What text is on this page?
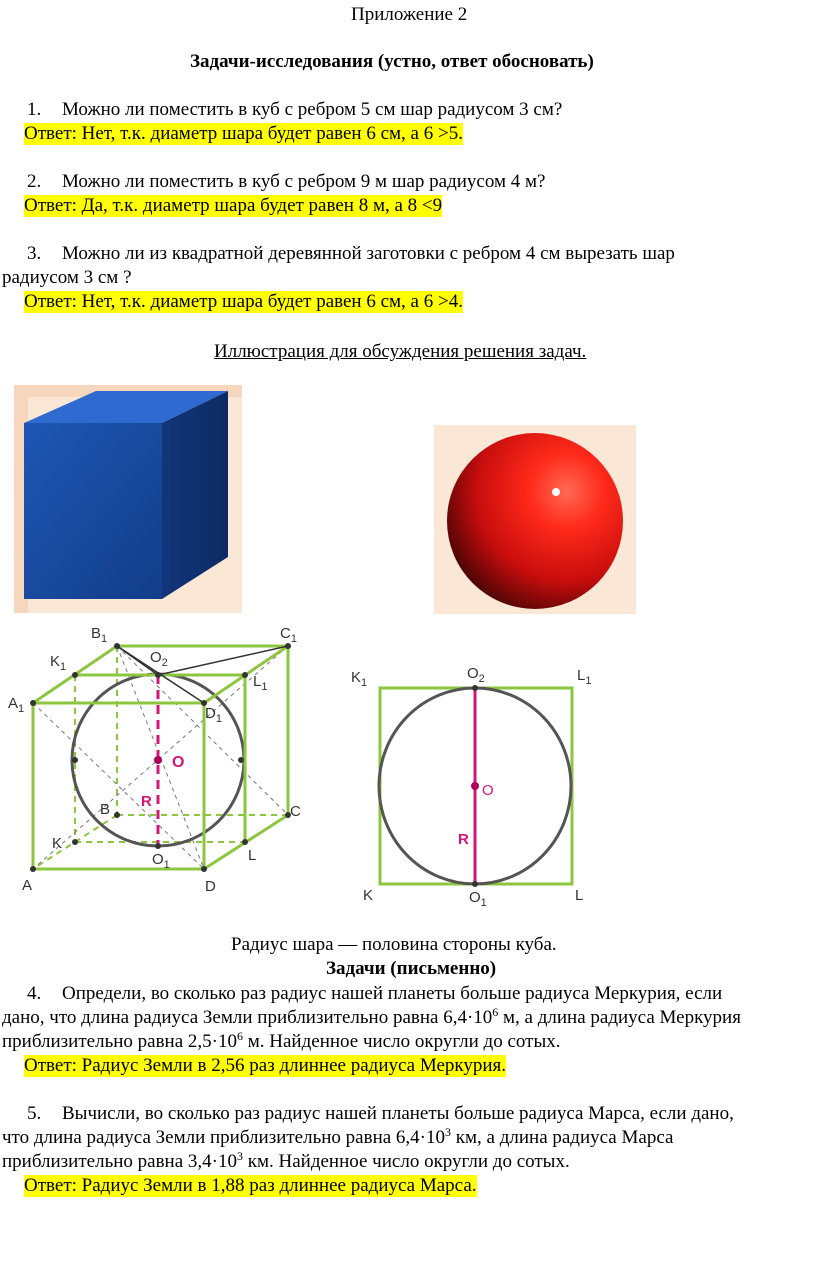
Приложение 2
Задачи-исследования (устно, ответ обосновать)
1. Можно ли поместить в куб с ребром 5 см шар радиусом 3 см?
Ответ: Нет, т.к. диаметр шара будет равен 6 см, а 6 >5.
2. Можно ли поместить в куб с ребром 9 м шар радиусом 4 м?
Ответ: Да, т.к. диаметр шара будет равен 8 м, а 8 <9
3. Можно ли из квадратной деревянной заготовки с ребром 4 см вырезать шар
радиусом 3 см ?
Ответ: Нет, т.к. диаметр шара будет равен 6 см, а 6 >4.
Иллюстрация для обсуждения решения задач.
$B_1$	$C_1$
$K_1$
$O_2$
$L_1$
$A_1$	$D_1$
B	C
K
$O_1$
L
A	D
O
R
$K_1$
$O_2$	$L_1$
K	$O_1$	L
O
R
Радиус шара — половина стороны куба.
Задачи (письменно)
4. Определи, во сколько раз радиус нашей планеты больше радиуса Меркурия, если
дано, что длина радиуса Земли приблизительно равна $6,4\cdot 10^6$ м, а длина радиуса Меркурия
приблизительно равна $2,5\cdot 10^6$ м. Найденное число округли до сотых.
Ответ: Радиус Земли в 2,56 раз длиннее радиуса Меркурия.
5. Вычисли, во сколько раз радиус нашей планеты больше радиуса Марса, если дано,
что длина радиуса Земли приблизительно равна $6,4\cdot 10^3$ км, а длина радиуса Марса
приблизительно равна $3,4\cdot 10^3$ км. Найденное число округли до сотых.
Ответ: Радиус Земли в 1,88 раз длиннее радиуса Марса.
